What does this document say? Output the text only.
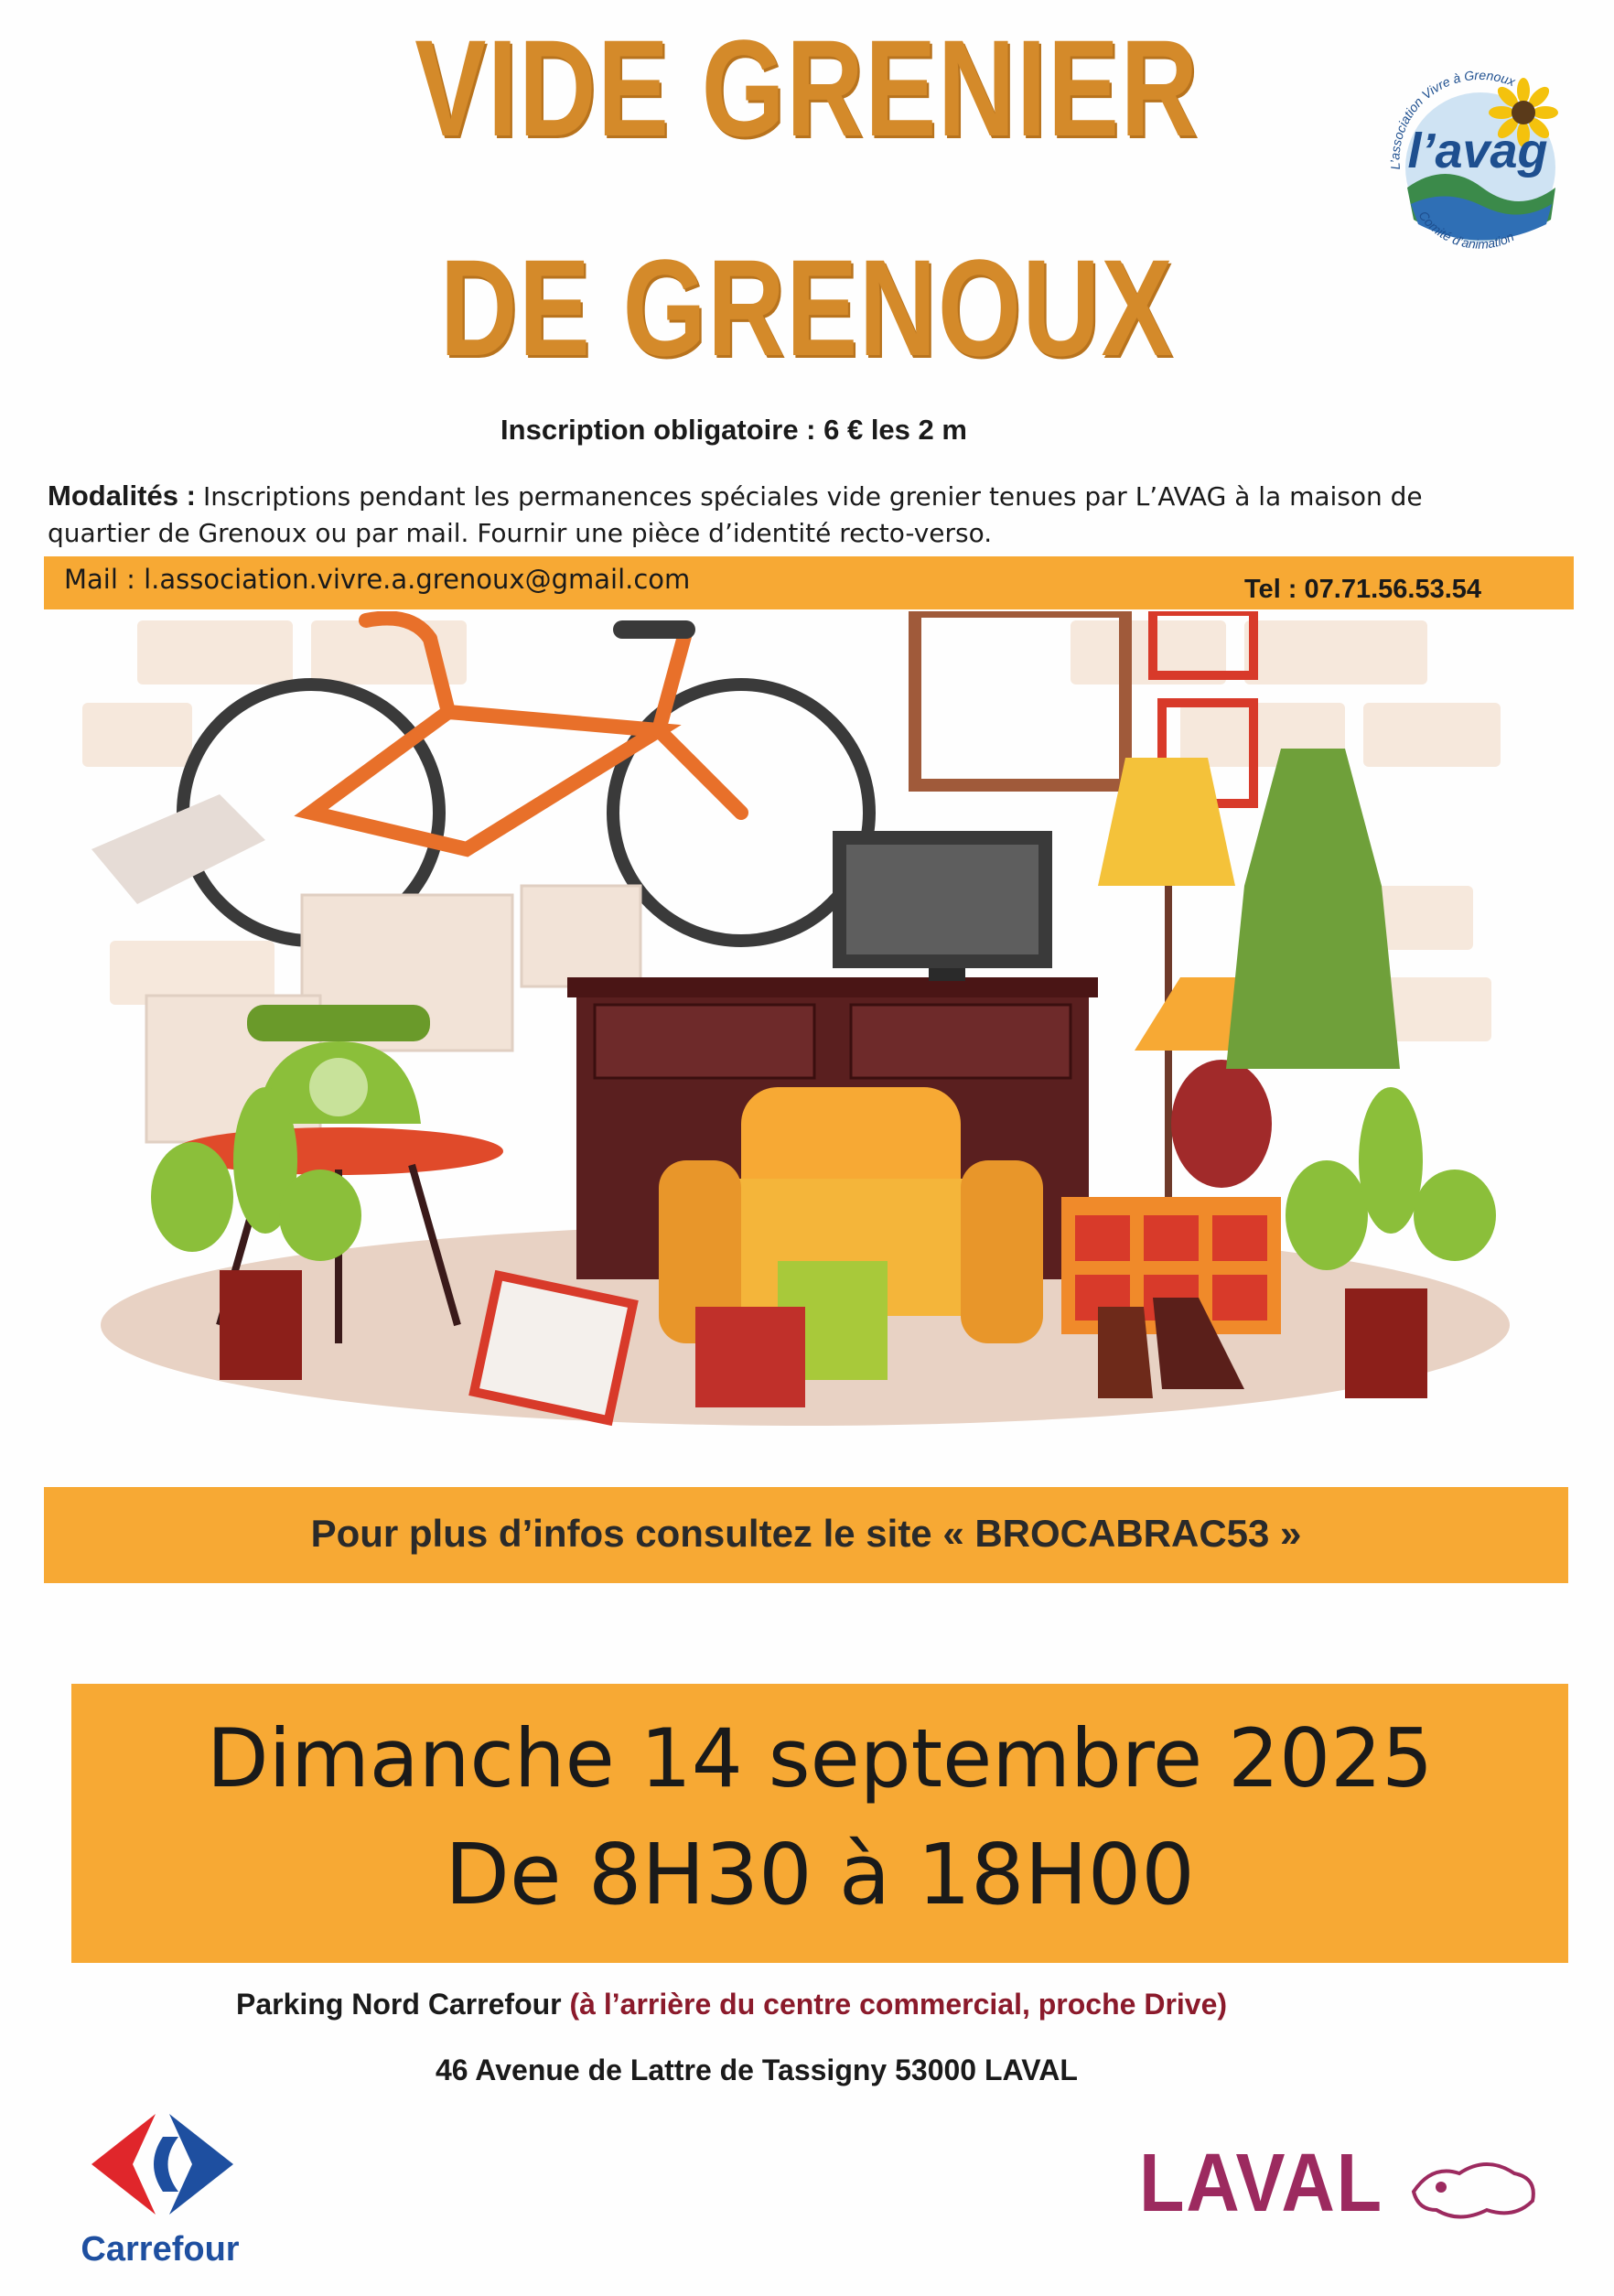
VIDE GRENIER
DE GRENOUX
l’avag
L’association Vivre à Grenoux
Comité d’animation
Inscription obligatoire : 6 € les 2 m
Modalités : Inscriptions pendant les permanences spéciales vide grenier tenues par L’AVAG à la maison de
quartier de Grenoux ou par mail. Fournir une pièce d’identité recto-verso.
Mail : l.association.vivre.a.grenoux@gmail.com	Tel : 07.71.56.53.54
Pour plus d’infos consultez le site « BROCABRAC53 »
Dimanche 14 septembre 2025
De 8H30 à 18H00
Parking Nord Carrefour (à l’arrière du centre commercial, proche Drive)
46 Avenue de Lattre de Tassigny 53000 LAVAL
Carrefour
LAVAL
